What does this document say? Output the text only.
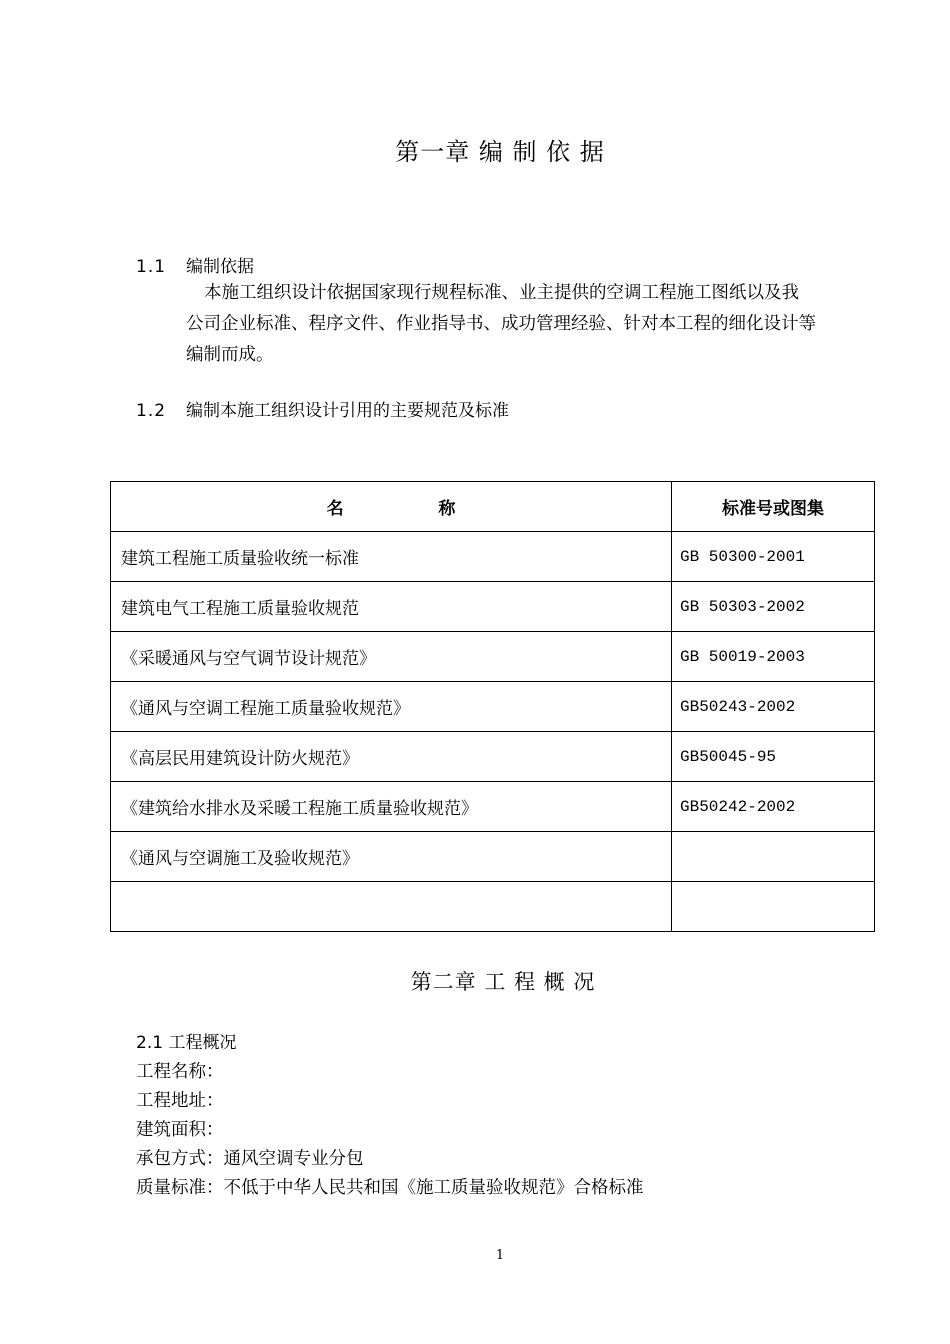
第一章 编 制 依 据
1.1 编制依据

本施工组织设计依据国家现行规程标准、业主提供的空调工程施工图纸以及我

公司企业标准、程序文件、作业指导书、成功管理经验、针对本工程的细化设计等
编制而成。
1.2 编制本施工组织设计引用的主要规范及标准
名                称	标准号或图集
建筑工程施工质量验收统一标准	GB 50300-2001
建筑电气工程施工质量验收规范	GB 50303-2002
《采暖通风与空气调节设计规范》	GB 50019-2003
《通风与空调工程施工质量验收规范》	GB50243-2002
《高层民用建筑设计防火规范》	GB50045-95
《建筑给水排水及采暖工程施工质量验收规范》	GB50242-2002
《通风与空调施工及验收规范》	

第二章 工 程 概 况
2.1 工程概况
工程名称：
工程地址：
建筑面积：
承包方式：通风空调专业分包
质量标准：不低于中华人民共和国《施工质量验收规范》合格标准
1
